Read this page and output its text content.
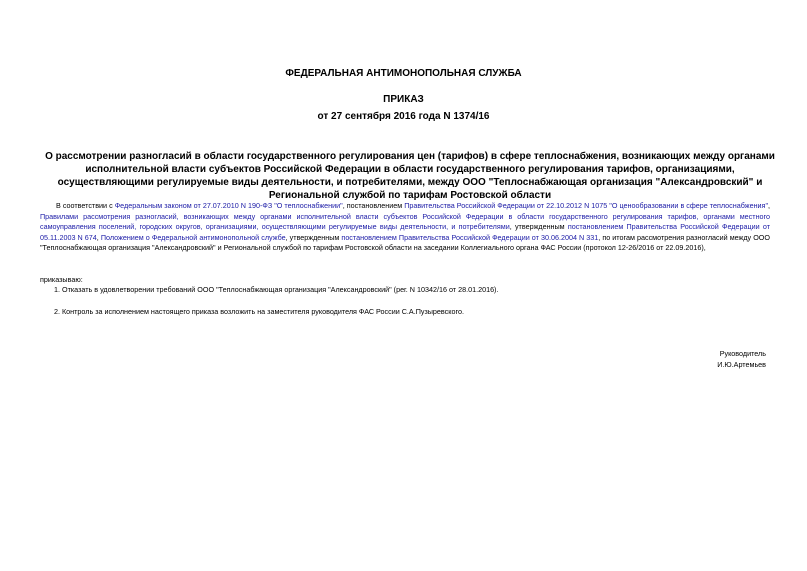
ФЕДЕРАЛЬНАЯ АНТИМОНОПОЛЬНАЯ СЛУЖБА
ПРИКАЗ
от 27 сентября 2016 года N 1374/16
О рассмотрении разногласий в области государственного регулирования цен (тарифов) в сфере теплоснабжения, возникающих между органами исполнительной власти субъектов Российской Федерации в области государственного регулирования тарифов, организациями, осуществляющими регулируемые виды деятельности, и потребителями, между ООО "Теплоснабжающая организация "Александровский" и Региональной службой по тарифам Ростовской области
В соответствии с Федеральным законом от 27.07.2010 N 190-ФЗ "О теплоснабжении", постановлением Правительства Российской Федерации от 22.10.2012 N 1075 "О ценообразовании в сфере теплоснабжения", Правилами рассмотрения разногласий, возникающих между органами исполнительной власти субъектов Российской Федерации в области государственного регулирования тарифов, органами местного самоуправления поселений, городских округов, организациями, осуществляющими регулируемые виды деятельности, и потребителями, утвержденным постановлением Правительства Российской Федерации от 05.11.2003 N 674, Положением о Федеральной антимонопольной службе, утвержденным постановлением Правительства Российской Федерации от 30.06.2004 N 331, по итогам рассмотрения разногласий между ООО "Теплоснабжающая организация "Александровский" и Региональной службой по тарифам Ростовской области на заседании Коллегиального органа ФАС России (протокол 12-26/2016 от 22.09.2016),
приказываю:
1. Отказать в удовлетворении требований ООО "Теплоснабжающая организация "Александровский" (рег. N 10342/16 от 28.01.2016).
2. Контроль за исполнением настоящего приказа возложить на заместителя руководителя ФАС России С.А.Пузыревского.
Руководитель
И.Ю.Артемьев
